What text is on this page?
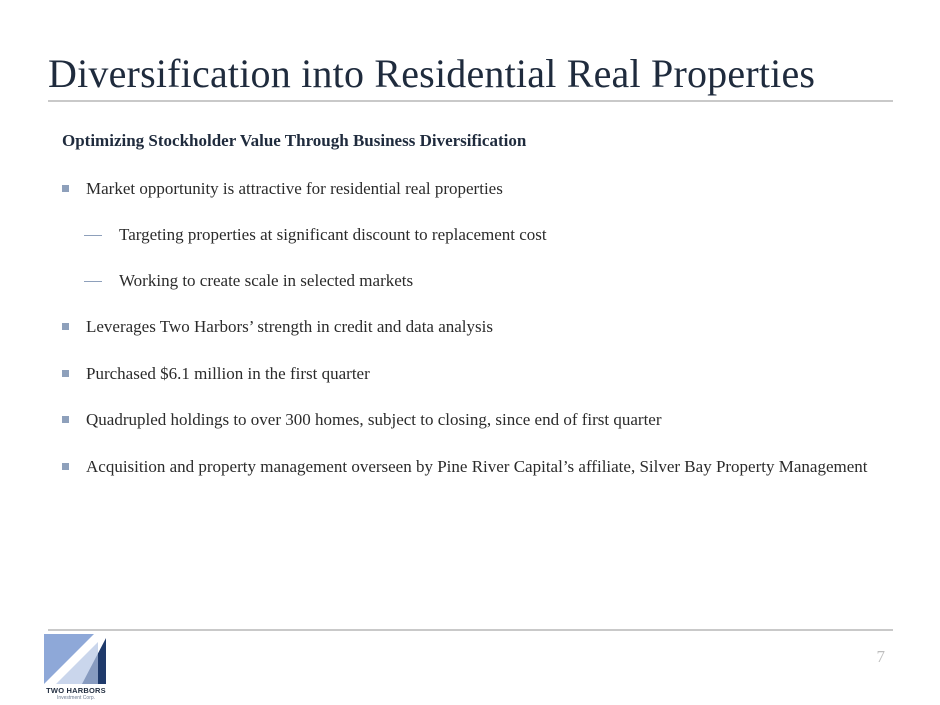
Diversification into Residential Real Properties

Optimizing Stockholder Value Through Business Diversification

Market opportunity is attractive for residential real properties
Targeting properties at significant discount to replacement cost
Working to create scale in selected markets
Leverages Two Harbors’ strength in credit and data analysis
Purchased $6.1 million in the first quarter
Quadrupled holdings to over 300 homes, subject to closing, since end of first quarter
Acquisition and property management overseen by Pine River Capital’s affiliate, Silver Bay Property Management
7
TWO HARBORS
Investment Corp.
